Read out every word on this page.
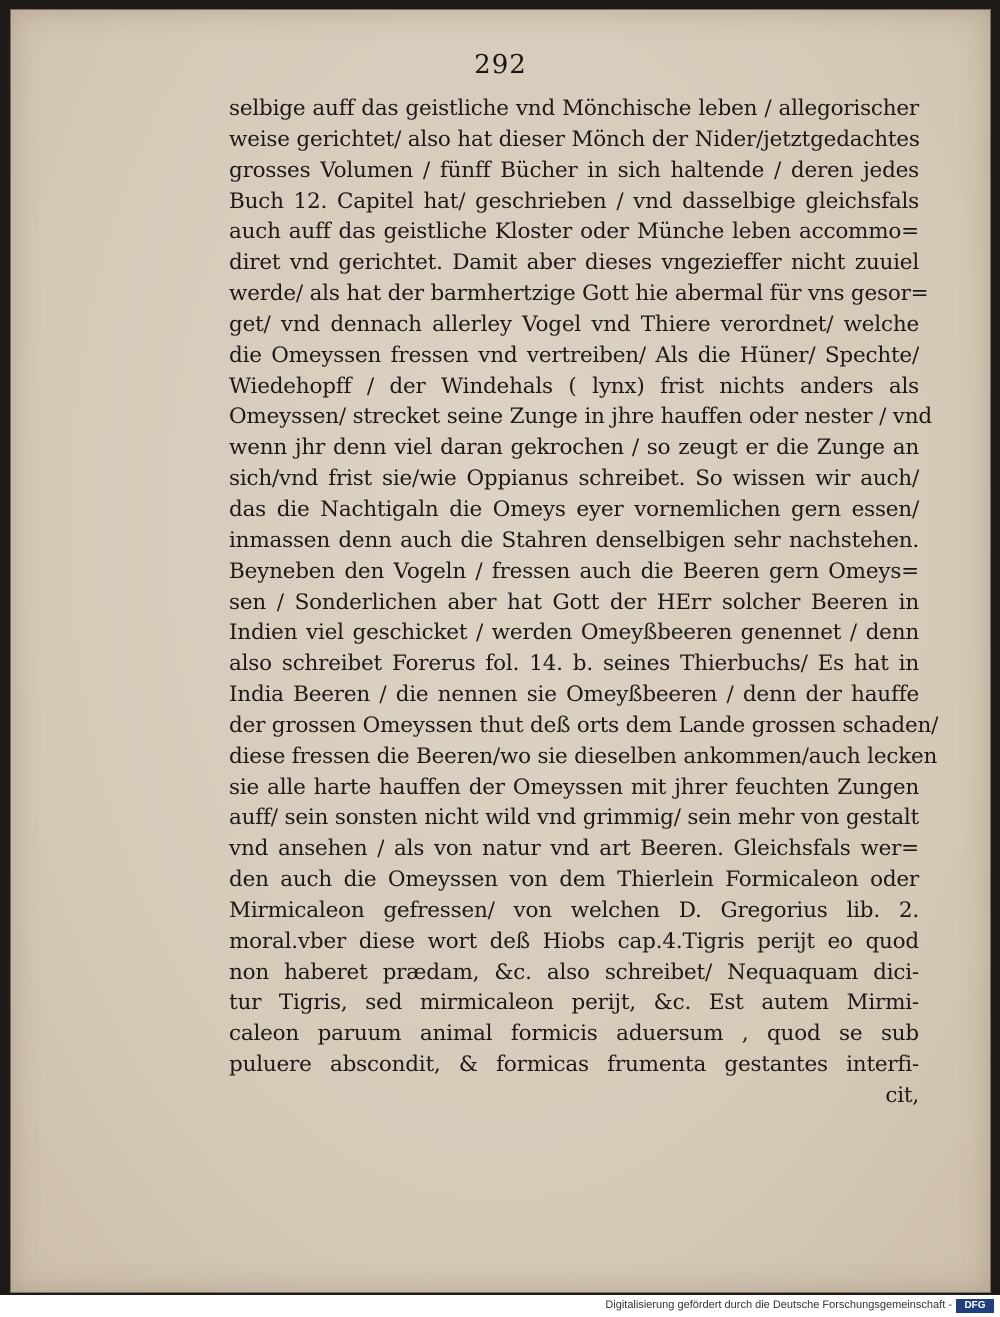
292
selbige auff das geistliche vnd Mönchische leben / allegorischer
weise gerichtet/ also hat dieser Mönch der Nider/jetztgedachtes
grosses Volumen / fünff Bücher in sich haltende / deren jedes
Buch 12. Capitel hat/ geschrieben / vnd dasselbige gleichsfals
auch auff das geistliche Kloster oder Münche leben accommo=
diret vnd gerichtet. Damit aber dieses vngezieffer nicht zuuiel
werde/ als hat der barmhertzige Gott hie abermal für vns gesor=
get/ vnd dennach allerley Vogel vnd Thiere verordnet/ welche
die Omeyssen fressen vnd vertreiben/ Als die Hüner/ Spechte/
Wiedehopff / der Windehals ( lynx) frist nichts anders als
Omeyssen/ strecket seine Zunge in jhre hauffen oder nester / vnd
wenn jhr denn viel daran gekrochen / so zeugt er die Zunge an
sich/vnd frist sie/wie Oppianus schreibet. So wissen wir auch/
das die Nachtigaln die Omeys eyer vornemlichen gern essen/
inmassen denn auch die Stahren denselbigen sehr nachstehen.
Beyneben den Vogeln / fressen auch die Beeren gern Omeys=
sen / Sonderlichen aber hat Gott der HErr solcher Beeren in
Indien viel geschicket / werden Omeyßbeeren genennet / denn
also schreibet Forerus fol. 14. b. seines Thierbuchs/ Es hat in
India Beeren / die nennen sie Omeyßbeeren / denn der hauffe
der grossen Omeyssen thut deß orts dem Lande grossen schaden/
diese fressen die Beeren/wo sie dieselben ankommen/auch lecken
sie alle harte hauffen der Omeyssen mit jhrer feuchten Zungen
auff/ sein sonsten nicht wild vnd grimmig/ sein mehr von gestalt
vnd ansehen / als von natur vnd art Beeren. Gleichsfals wer=
den auch die Omeyssen von dem Thierlein Formicaleon oder
Mirmicaleon gefressen/ von welchen D. Gregorius lib. 2.
moral.vber diese wort deß Hiobs cap.4.Tigris perijt eo quod
non haberet prædam, &c. also schreibet/ Nequaquam dici-
tur Tigris, sed mirmicaleon perijt, &c. Est autem Mirmi-
caleon paruum animal formicis aduersum , quod se sub
puluere abscondit, & formicas frumenta gestantes interfi-
cit,
Digitalisierung gefördert durch die Deutsche Forschungsgemeinschaft -	DFG
